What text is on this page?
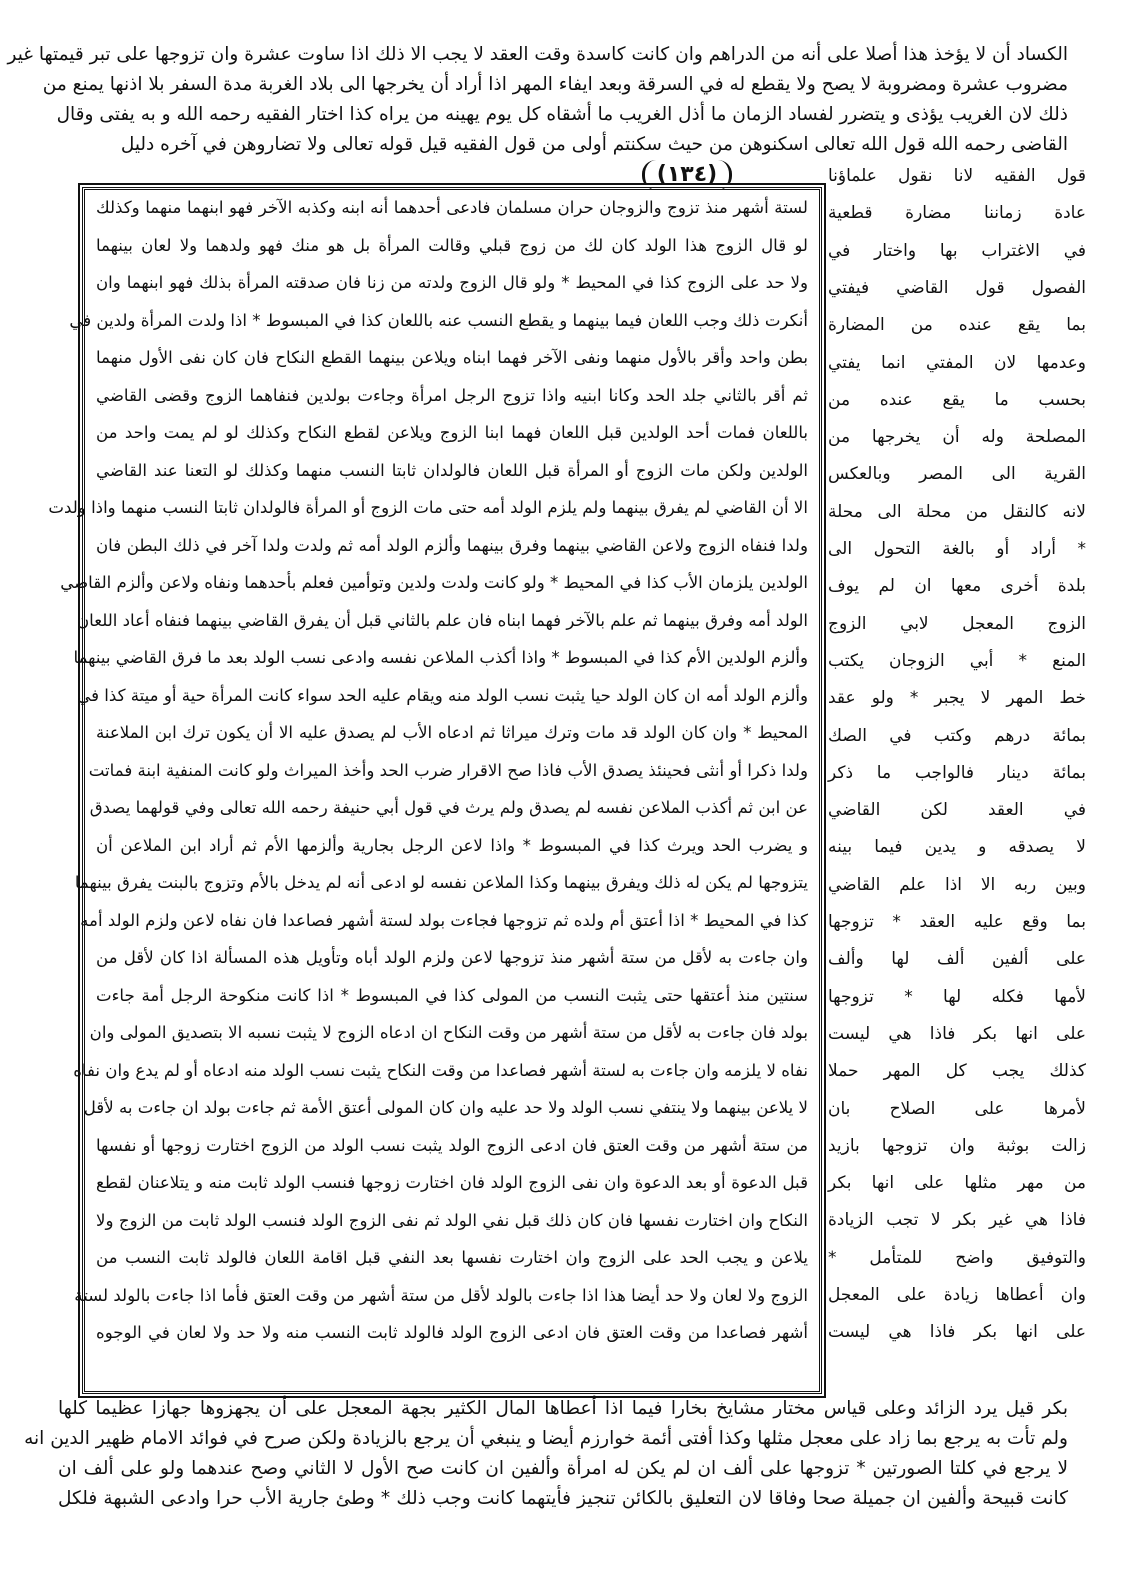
الكساد أن لا يؤخذ هذا أصلا على أنه من الدراهم وان كانت كاسدة وقت العقد لا يجب الا ذلك اذا ساوت عشرة وان تزوجها على تبر قيمتها غير
مضروب عشرة ومضروبة لا يصح ولا يقطع له في السرقة وبعد ايفاء المهر اذا أراد أن يخرجها الى بلاد الغربة مدة السفر بلا اذنها يمنع من
ذلك لان الغريب يؤذى و يتضرر لفساد الزمان ما أذل الغريب ما أشقاه كل يوم يهينه من يراه كذا اختار الفقيه رحمه الله و به يفتى وقال
القاضى رحمه الله قول الله تعالى اسكنوهن من حيث سكنتم أولى من قول الفقيه قيل قوله تعالى ولا تضاروهن في آخره دليل
(١٣٤)
لستة أشهر منذ تزوج والزوجان حران مسلمان فادعى أحدهما أنه ابنه وكذبه الآخر فهو ابنهما منهما وكذلك
لو قال الزوج هذا الولد كان لك من زوج قبلي وقالت المرأة بل هو منك فهو ولدهما ولا لعان بينهما
ولا حد على الزوج كذا في المحيط * ولو قال الزوج ولدته من زنا فان صدقته المرأة بذلك فهو ابنهما وان
أنكرت ذلك وجب اللعان فيما بينهما و يقطع النسب عنه باللعان كذا في المبسوط * اذا ولدت المرأة ولدين في
بطن واحد وأقر بالأول منهما ونفى الآخر فهما ابناه ويلاعن بينهما القطع النكاح فان كان نفى الأول منهما
ثم أقر بالثاني جلد الحد وكانا ابنيه واذا تزوج الرجل امرأة وجاءت بولدين فنفاهما الزوج وقضى القاضي
باللعان فمات أحد الولدين قبل اللعان فهما ابنا الزوج ويلاعن لقطع النكاح وكذلك لو لم يمت واحد من
الولدين ولكن مات الزوج أو المرأة قبل اللعان فالولدان ثابتا النسب منهما وكذلك لو التعنا عند القاضي
الا أن القاضي لم يفرق بينهما ولم يلزم الولد أمه حتى مات الزوج أو المرأة فالولدان ثابتا النسب منهما واذا ولدت
ولدا فنفاه الزوج ولاعن القاضي بينهما وفرق بينهما وألزم الولد أمه ثم ولدت ولدا آخر في ذلك البطن فان
الولدين يلزمان الأب كذا في المحيط * ولو كانت ولدت ولدين وتوأمين فعلم بأحدهما ونفاه ولاعن وألزم القاضي
الولد أمه وفرق بينهما ثم علم بالآخر فهما ابناه فان علم بالثاني قبل أن يفرق القاضي بينهما فنفاه أعاد اللعان
وألزم الولدين الأم كذا في المبسوط * واذا أكذب الملاعن نفسه وادعى نسب الولد بعد ما فرق القاضي بينهما
وألزم الولد أمه ان كان الولد حيا يثبت نسب الولد منه ويقام عليه الحد سواء كانت المرأة حية أو ميتة كذا في
المحيط * وان كان الولد قد مات وترك ميراثا ثم ادعاه الأب لم يصدق عليه الا أن يكون ترك ابن الملاعنة
ولدا ذكرا أو أنثى فحينئذ يصدق الأب فاذا صح الاقرار ضرب الحد وأخذ الميراث ولو كانت المنفية ابنة فماتت
عن ابن ثم أكذب الملاعن نفسه لم يصدق ولم يرث في قول أبي حنيفة رحمه الله تعالى وفي قولهما يصدق
و يضرب الحد ويرث كذا في المبسوط * واذا لاعن الرجل بجارية وألزمها الأم ثم أراد ابن الملاعن أن
يتزوجها لم يكن له ذلك ويفرق بينهما وكذا الملاعن نفسه لو ادعى أنه لم يدخل بالأم وتزوج بالبنت يفرق بينهما
كذا في المحيط * اذا أعتق أم ولده ثم تزوجها فجاءت بولد لستة أشهر فصاعدا فان نفاه لاعن ولزم الولد أمه
وان جاءت به لأقل من ستة أشهر منذ تزوجها لاعن ولزم الولد أباه وتأويل هذه المسألة اذا كان لأقل من
سنتين منذ أعتقها حتى يثبت النسب من المولى كذا في المبسوط * اذا كانت منكوحة الرجل أمة جاءت
بولد فان جاءت به لأقل من ستة أشهر من وقت النكاح ان ادعاه الزوج لا يثبت نسبه الا بتصديق المولى وان
نفاه لا يلزمه وان جاءت به لستة أشهر فصاعدا من وقت النكاح يثبت نسب الولد منه ادعاه أو لم يدع وان نفاه
لا يلاعن بينهما ولا ينتفي نسب الولد ولا حد عليه وان كان المولى أعتق الأمة ثم جاءت بولد ان جاءت به لأقل
من ستة أشهر من وقت العتق فان ادعى الزوج الولد يثبت نسب الولد من الزوج اختارت زوجها أو نفسها
قبل الدعوة أو بعد الدعوة وان نفى الزوج الولد فان اختارت زوجها فنسب الولد ثابت منه و يتلاعنان لقطع
النكاح وان اختارت نفسها فان كان ذلك قبل نفي الولد ثم نفى الزوج الولد فنسب الولد ثابت من الزوج ولا
يلاعن و يجب الحد على الزوج وان اختارت نفسها بعد النفي قبل اقامة اللعان فالولد ثابت النسب من
الزوج ولا لعان ولا حد أيضا هذا اذا جاءت بالولد لأقل من ستة أشهر من وقت العتق فأما اذا جاءت بالولد لستة
أشهر فصاعدا من وقت العتق فان ادعى الزوج الولد فالولد ثابت النسب منه ولا حد ولا لعان في الوجوه
قول الفقيه لانا نقول علماؤنا
عادة زماننا مضارة قطعية
في الاغتراب بها واختار في
الفصول قول القاضي فيفتي
بما يقع عنده من المضارة
وعدمها لان المفتي انما يفتي
بحسب ما يقع عنده من
المصلحة وله أن يخرجها من
القرية الى المصر وبالعكس
لانه كالنقل من محلة الى محلة
* أراد أو بالغة التحول الى
بلدة أخرى معها ان لم يوف
الزوج المعجل لابي الزوج
المنع * أبي الزوجان يكتب
خط المهر لا يجبر * ولو عقد
بمائة درهم وكتب في الصك
بمائة دينار فالواجب ما ذكر
في العقد لكن القاضي
لا يصدقه و يدين فيما بينه
وبين ربه الا اذا علم القاضي
بما وقع عليه العقد * تزوجها
على ألفين ألف لها وألف
لأمها فكله لها * تزوجها
على انها بكر فاذا هي ليست
كذلك يجب كل المهر حملا
لأمرها على الصلاح بان
زالت بوثبة وان تزوجها بازيد
من مهر مثلها على انها بكر
فاذا هي غير بكر لا تجب الزيادة
والتوفيق واضح للمتأمل *
وان أعطاها زيادة على المعجل
على انها بكر فاذا هي ليست
بكر قيل يرد الزائد وعلى قياس مختار مشايخ بخارا فيما اذا أعطاها المال الكثير بجهة المعجل على أن يجهزوها جهازا عظيما كلها
ولم تأت به يرجع بما زاد على معجل مثلها وكذا أفتى أئمة خوارزم أيضا و ينبغي أن يرجع بالزيادة ولكن صرح في فوائد الامام ظهير الدين انه
لا يرجع في كلتا الصورتين * تزوجها على ألف ان لم يكن له امرأة وألفين ان كانت صح الأول لا الثاني وصح عندهما ولو على ألف ان
كانت قبيحة وألفين ان جميلة صحا وفاقا لان التعليق بالكائن تنجيز فأيتهما كانت وجب ذلك * وطئ جارية الأب حرا وادعى الشبهة فلكل
